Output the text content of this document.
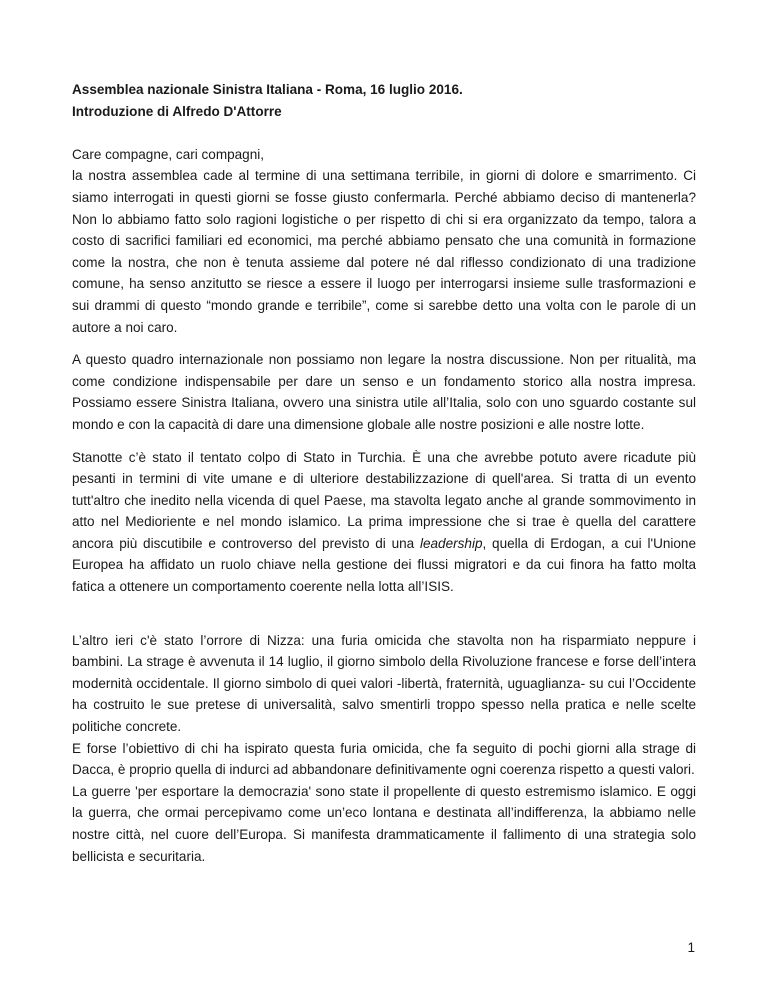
Assemblea nazionale Sinistra Italiana - Roma, 16 luglio 2016.
Introduzione di Alfredo D'Attorre
Care compagne, cari compagni,

la nostra assemblea cade al termine di una settimana terribile, in giorni di dolore e smarrimento. Ci siamo interrogati in questi giorni se fosse giusto confermarla. Perché abbiamo deciso di mantenerla? Non lo abbiamo fatto solo ragioni logistiche o per rispetto di chi si era organizzato da tempo, talora a costo di sacrifici familiari ed economici, ma perché abbiamo pensato che una comunità in formazione come la nostra, che non è tenuta assieme dal potere né dal riflesso condizionato di una tradizione comune, ha senso anzitutto se riesce a essere il luogo per interrogarsi insieme sulle trasformazioni e sui drammi di questo “mondo grande e terribile”, come si sarebbe detto una volta con le parole di un autore a noi caro.

A questo quadro internazionale non possiamo non legare la nostra discussione. Non per ritualità, ma come condizione indispensabile per dare un senso e un fondamento storico alla nostra impresa. Possiamo essere Sinistra Italiana, ovvero una sinistra utile all’Italia, solo con uno sguardo costante sul mondo e con la capacità di dare una dimensione globale alle nostre posizioni e alle nostre lotte.

Stanotte c’è stato il tentato colpo di Stato in Turchia. È una che avrebbe potuto avere ricadute più pesanti in termini di vite umane e di ulteriore destabilizzazione di quell'area. Si tratta di un evento tutt'altro che inedito nella vicenda di quel Paese, ma stavolta legato anche al grande sommovimento in atto nel Medioriente e nel mondo islamico. La prima impressione che si trae è quella del carattere ancora più discutibile e controverso del previsto di una leadership, quella di Erdogan, a cui l'Unione Europea ha affidato un ruolo chiave nella gestione dei flussi migratori e da cui finora ha fatto molta fatica a ottenere un comportamento coerente nella lotta all’ISIS.

L’altro ieri c'è stato l’orrore di Nizza: una furia omicida che stavolta non ha risparmiato neppure i bambini. La strage è avvenuta il 14 luglio, il giorno simbolo della Rivoluzione francese e forse dell’intera modernità occidentale. Il giorno simbolo di quei valori -libertà, fraternità, uguaglianza- su cui l’Occidente ha costruito le sue pretese di universalità, salvo smentirli troppo spesso nella pratica e nelle scelte politiche concrete.

E forse l’obiettivo di chi ha ispirato questa furia omicida, che fa seguito di pochi giorni alla strage di Dacca, è proprio quella di indurci ad abbandonare definitivamente ogni coerenza rispetto a questi valori.

La guerre 'per esportare la democrazia' sono state il propellente di questo estremismo islamico. E oggi la guerra, che ormai percepivamo come un’eco lontana e destinata all’indifferenza, la abbiamo nelle nostre città, nel cuore dell’Europa. Si manifesta drammaticamente il fallimento di una strategia solo bellicista e securitaria.

1
